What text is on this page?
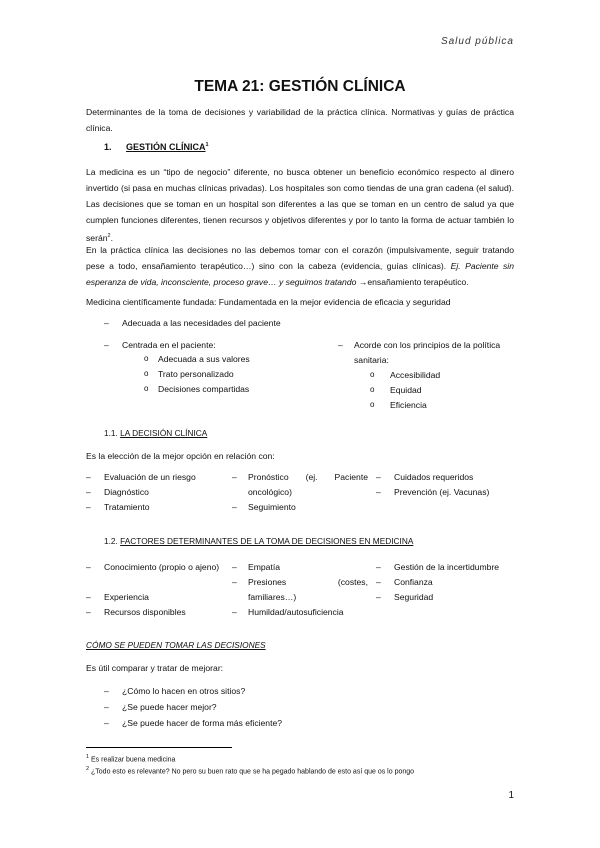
Salud pública
TEMA 21: GESTIÓN CLÍNICA
Determinantes de la toma de decisiones y variabilidad de la práctica clínica. Normativas y guías de práctica clínica.
1. GESTIÓN CLÍNICA$^1$
La medicina es un “tipo de negocio” diferente, no busca obtener un beneficio económico respecto al dinero invertido (si pasa en muchas clínicas privadas). Los hospitales son como tiendas de una gran cadena (el salud). Las decisiones que se toman en un hospital son diferentes a las que se toman en un centro de salud ya que cumplen funciones diferentes, tienen recursos y objetivos diferentes y por lo tanto la forma de actuar también lo serán$^2$.
En la práctica clínica las decisiones no las debemos tomar con el corazón (impulsivamente, seguir tratando pese a todo, ensañamiento terapéutico…) sino con la cabeza (evidencia, guías clínicas). Ej. Paciente sin esperanza de vida, inconsciente, proceso grave… y seguimos tratando →ensañamiento terapéutico.
Medicina científicamente fundada: Fundamentada en la mejor evidencia de eficacia y seguridad
– Adecuada a las necesidades del paciente
– Centrada en el paciente:
o Adecuada a sus valores
o Trato personalizado
o Decisiones compartidas
– Acorde con los principios de la política sanitaria:
o Accesibilidad
o Equidad
o Eficiencia
1.1. LA DECISIÓN CLÍNICA
Es la elección de la mejor opción en relación con:
– Evaluación de un riesgo
– Diagnóstico
– Tratamiento
– Pronóstico (ej. Paciente oncológico)
– Seguimiento
– Cuidados requeridos
– Prevención (ej. Vacunas)
1.2. FACTORES DETERMINANTES DE LA TOMA DE DECISIONES EN MEDICINA
– Conocimiento (propio o ajeno)
– Experiencia
– Recursos disponibles
– Empatía
– Presiones (costes, familiares…)
– Humildad/autosuficiencia
– Gestión de la incertidumbre
– Confianza
– Seguridad
CÓMO SE PUEDEN TOMAR LAS DECISIONES
Es útil comparar y tratar de mejorar:
– ¿Cómo lo hacen en otros sitios?
– ¿Se puede hacer mejor?
– ¿Se puede hacer de forma más eficiente?
$^1$ Es realizar buena medicina
$^2$ ¿Todo esto es relevante? No pero su buen rato que se ha pegado hablando de esto así que os lo pongo
1
